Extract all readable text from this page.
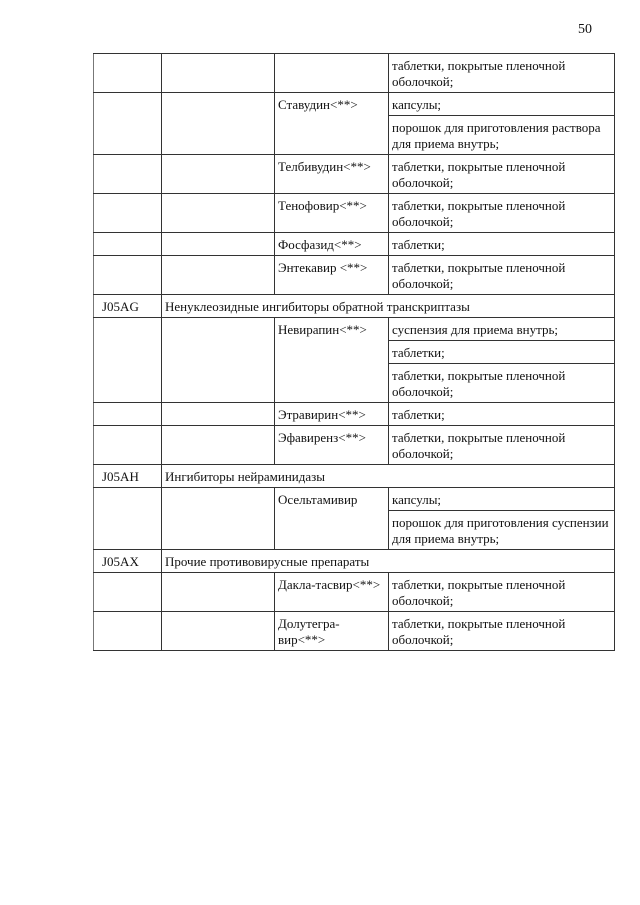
50
			таблетки, покрытые пленочной оболочкой;
		Ставудин<**>	капсулы;
			порошок для приготовления раствора для приема внутрь;
		Телбивудин<**>	таблетки, покрытые пленочной оболочкой;
		Тенофовир<**>	таблетки, покрытые пленочной оболочкой;
		Фосфазид<**>	таблетки;
		Энтекавир <**>	таблетки, покрытые пленочной оболочкой;
J05AG	Ненуклеозидные ингибиторы обратной транскриптазы		
		Невирапин<**>	суспензия для приема внутрь;
			таблетки;
			таблетки, покрытые пленочной оболочкой;
		Этравирин<**>	таблетки;
		Эфавиренз<**>	таблетки, покрытые пленочной оболочкой;
J05AH	Ингибиторы нейраминидазы		
		Осельтамивир	капсулы;
			порошок для приготовления суспензии для приема внутрь;
J05AX	Прочие противовирусные препараты		
		Дакла-тасвир<**>	таблетки, покрытые пленочной оболочкой;
		Долутегра-вир<**>	таблетки, покрытые пленочной оболочкой;
